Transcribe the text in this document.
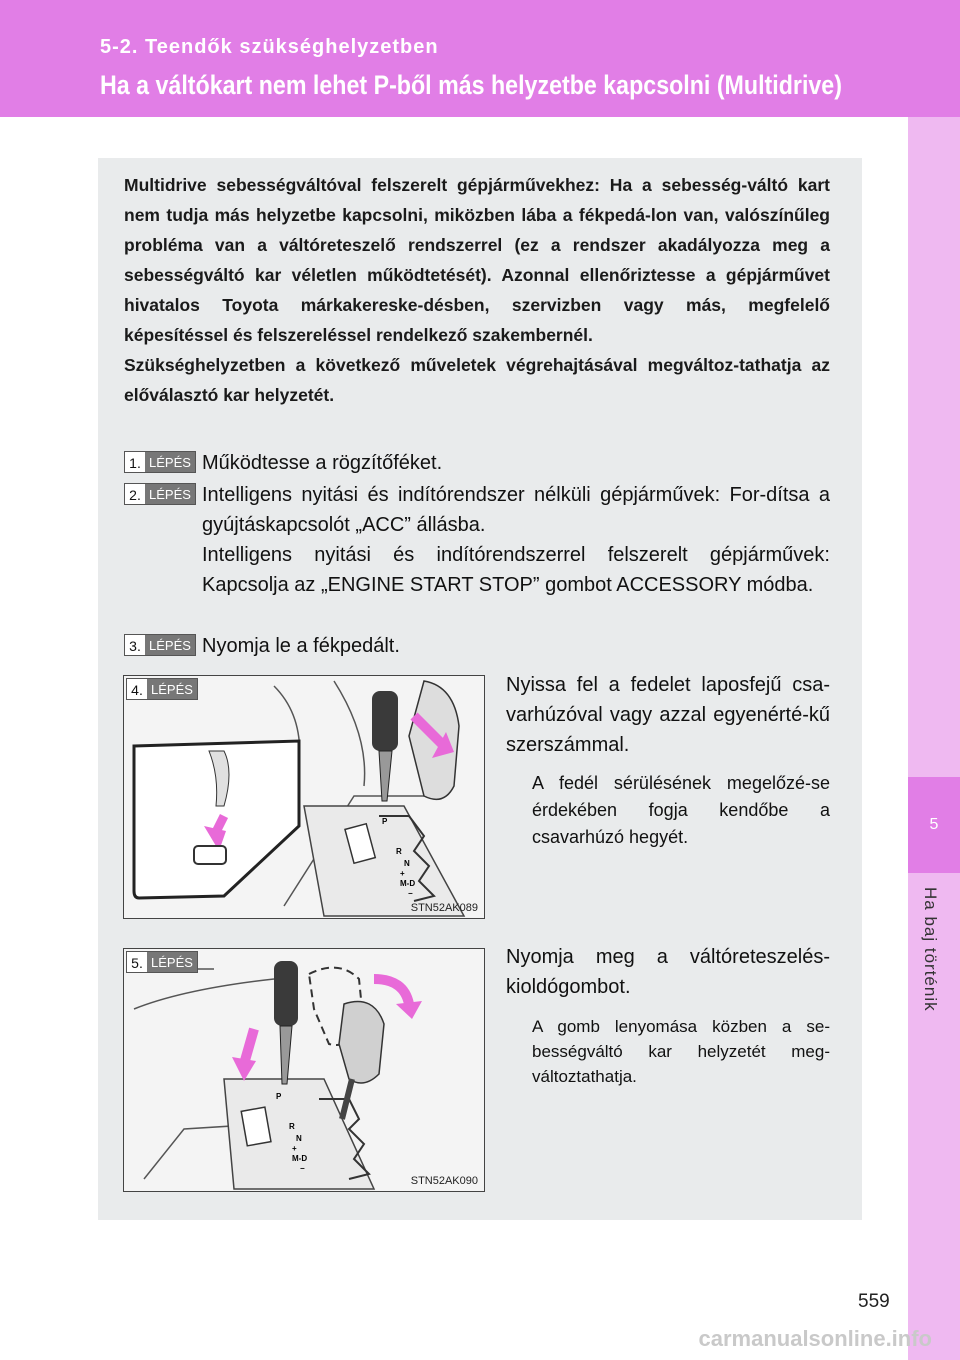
5-2. Teendők szükséghelyzetben
Ha a váltókart nem lehet P-ből más helyzetbe kapcsolni (Multidrive)
5
Ha baj történik

Multidrive sebességváltóval felszerelt gépjárművekhez: Ha a sebesség-váltó kart nem tudja más helyzetbe kapcsolni, miközben lába a fékpedá-lon van, valószínűleg probléma van a váltóreteszelő rendszerrel (ez a rendszer akadályozza meg a sebességváltó kar véletlen működtetését). Azonnal ellenőriztesse a gépjárművet hivatalos Toyota márkakereske-désben, szervizben vagy más, megfelelő képesítéssel és felszereléssel rendelkező szakembernél.

Szükséghelyzetben a következő műveletek végrehajtásával megváltoz-tathatja az előválasztó kar helyzetét.

1. LÉPÉS Működtesse a rögzítőféket.
2. LÉPÉS Intelligens nyitási és indítórendszer nélküli gépjárművek: For-dítsa a gyújtáskapcsolót „ACC” állásba.
Intelligens nyitási és indítórendszerrel felszerelt gépjárművek: Kapcsolja az „ENGINE START STOP” gombot ACCESSORY módba.
3. LÉPÉS Nyomja le a fékpedált.
P
R
N
+
M-D
−
4. LÉPÉS
STN52AK089
Nyissa fel a fedelet laposfejű csa-varhúzóval vagy azzal egyenérté-kű szerszámmal.
A fedél sérülésének megelőzé-se érdekében fogja kendőbe a csavarhúzó hegyét.
P
R
N
+
M-D
−
5. LÉPÉS
STN52AK090
Nyomja meg a váltóreteszelés-kioldógombot.
A gomb lenyomása közben a se-bességváltó kar helyzetét meg-változtathatja.
559
carmanualsonline.info
